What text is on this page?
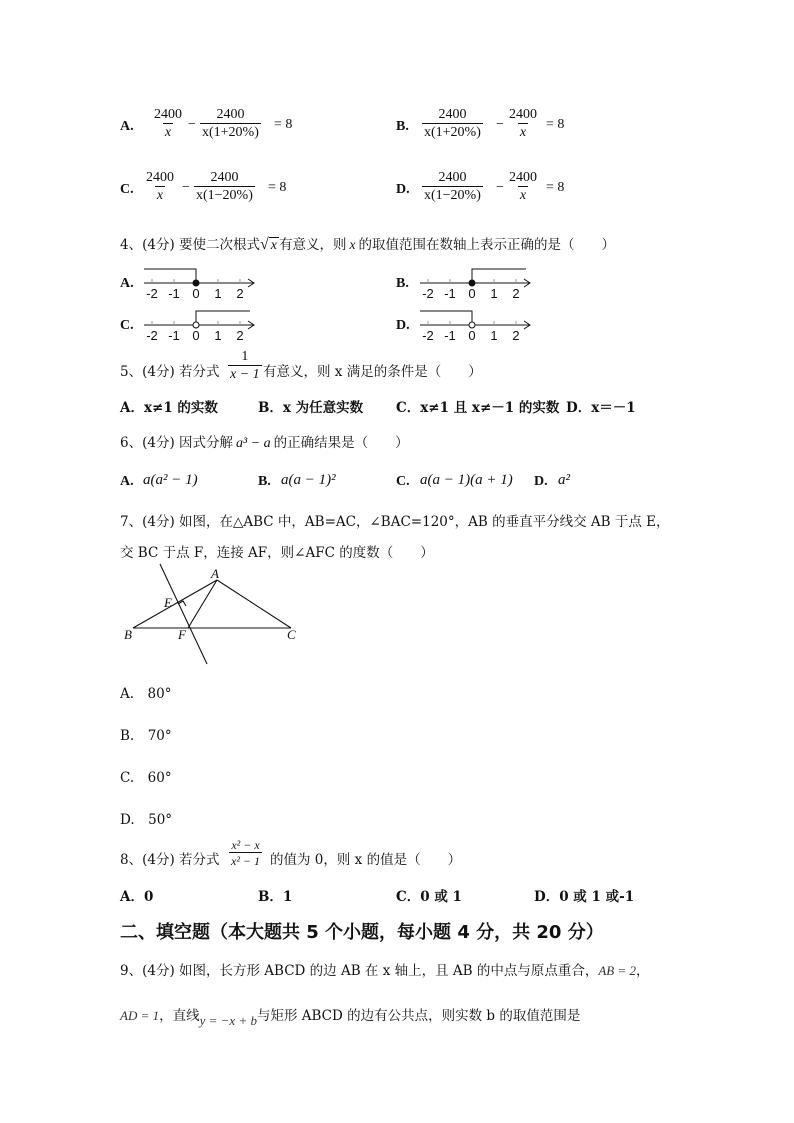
A. $\frac{2400}{x} - \frac{2400}{x(1+20\%)} = 8$	B. $\frac{2400}{x(1+20\%)} - \frac{2400}{x} = 8$
C. $\frac{2400}{x} - \frac{2400}{x(1-20\%)} = 8$	D. $\frac{2400}{x(1-20\%)} - \frac{2400}{x} = 8$
4、(4分) 要使二次根式√ x 有意义，则 x 的取值范围在数轴上表示正确的是（　　）
A.
-2 -1 0 1 2
B.
-2 -1 0 1 2
C.
-2 -1 0 1 2
D.
-2 -1 0 1 2
5、(4分) 若分式 $\frac{1}{x - 1}$ 有意义，则 x 满足的条件是（　　）
A．x≠1 的实数	B．x 为任意实数 C．x≠1 且 x≠－1 的实数 D．x＝－1
6、(4分) 因式分解 a³ − a 的正确结果是（　　）
A. a(a² − 1)	B. a(a − 1)²	C. a(a − 1)(a + 1) D. a²
7、(4分) 如图，在△ABC 中，AB=AC，∠BAC=120°，AB 的垂直平分线交 AB 于点 E，
交 BC 于点 F，连接 AF，则∠AFC 的度数（　　）
A
B	C
E
F
A.　80°
B.　70°
C.　60°
D.　50°
8、(4分) 若分式 $\frac{\text{x² − x}}{\text{x² − 1}}$ 的值为 0，则 x 的值是（　　）
A．0	B．1	C．0 或 1	D．0 或 1 或-1
二、填空题（本大题共 5 个小题，每小题 4 分，共 20 分）
9、(4分) 如图，长方形 ABCD 的边 AB 在 x 轴上，且 AB 的中点与原点重合，AB = 2，
AD = 1，直线y = −x + b与矩形 ABCD 的边有公共点，则实数 b 的取值范围是
